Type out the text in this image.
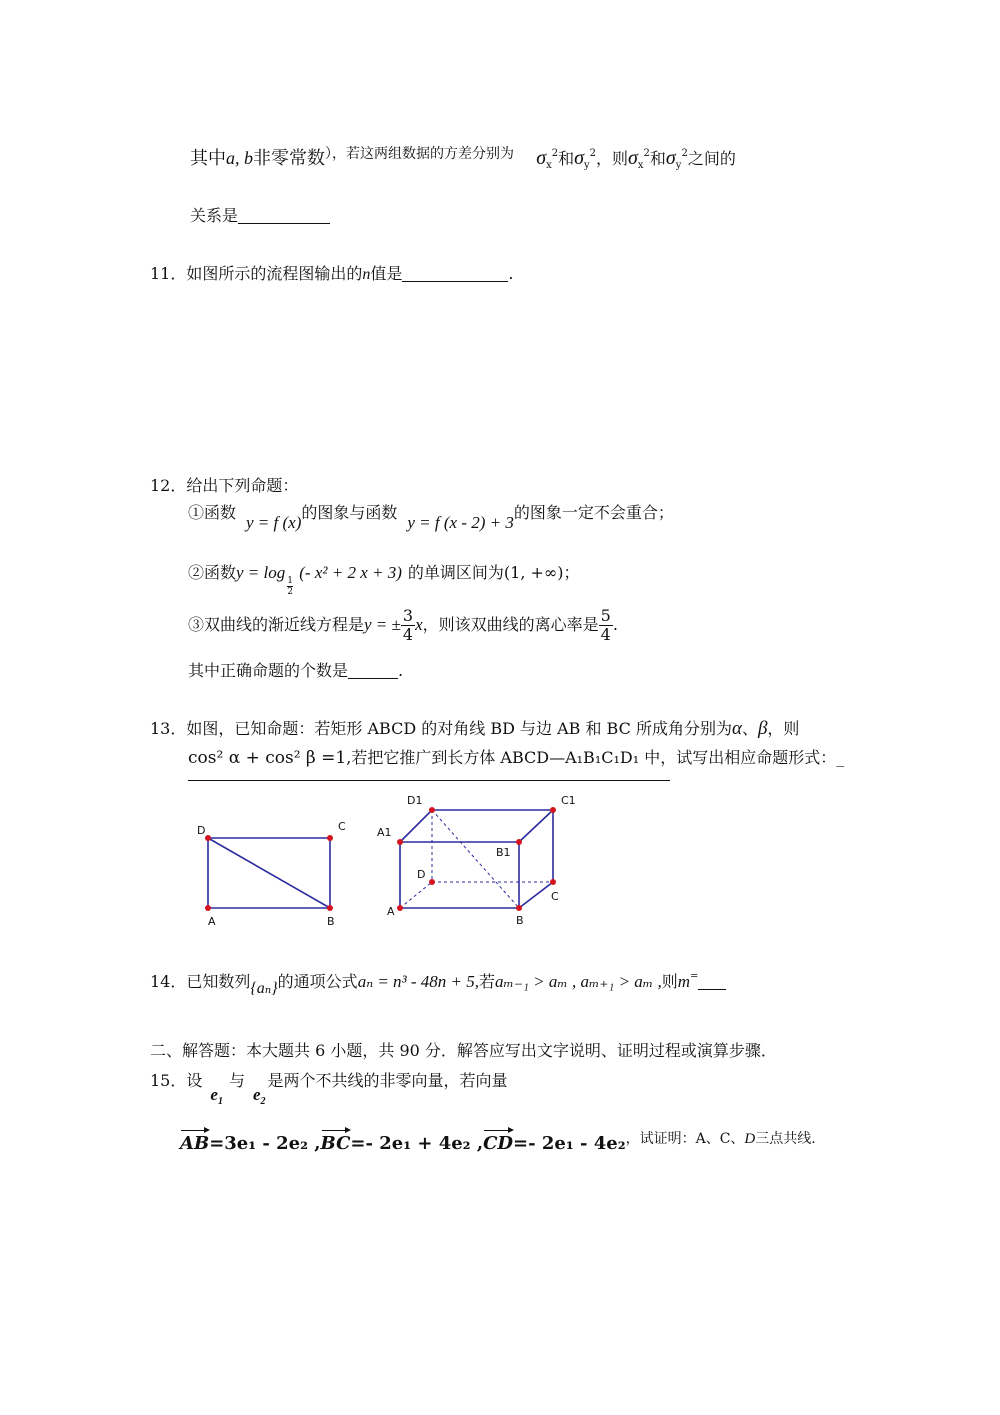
其中a, b非零常数），若这两组数据的方差分别为 $\sigma_x^2$和$\sigma_y^2$，则$\sigma_x^2$和$\sigma_y^2$之间的
关系是
11．如图所示的流程图输出的n值是	.
12．给出下列命题：
①函数y = f (x)的图象与函数y = f (x - 2) + 3的图象一定不会重合；
②函数y = log
$\frac{1}{2}$
(- x² + 2 x + 3) 的单调区间为(1, +∞)；
③双曲线的渐近线方程是y = ± $\frac{3}{4}$ x，则该双曲线的离心率是 $\frac{5}{4}$ .
其中正确命题的个数是	.
13．如图，已知命题：若矩形 ABCD 的对角线 BD 与边 AB 和 BC 所成角分别为α、β，则
cos² α + cos² β =1,若把它推广到长方体 ABCD—A₁B₁C₁D₁ 中，试写出相应命题形式：_
D	C
A	B
D1	C1
A1
B1
D
C
A
B
14．已知数列{aₙ}的通项公式aₙ = n³ - 48n + 5,若aₘ₋₁ > aₘ , aₘ₊₁ > aₘ ,则m=
二、解答题：本大题共 6 小题，共 90 分．解答应写出文字说明、证明过程或演算步骤．
15．设$e_1$与$e_2$是两个不共线的非零向量，若向量
AB=3e₁ - 2e₂ ,BC=- 2e₁ + 4e₂ ,CD=- 2e₁ - 4e₂，试证明：A、C、D三点共线.
